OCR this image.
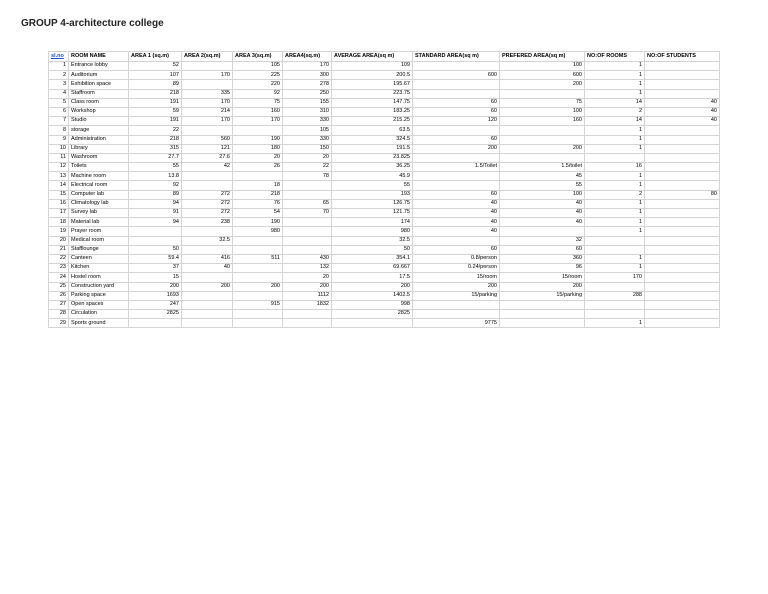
GROUP 4-architecture college
sl.no	ROOM NAME	AREA 1 (sq.m)	AREA 2(sq.m)	AREA 3(sq.m)	AREA4(sq.m)	AVERAGE AREA(sq m)	STANDARD AREA(sq m)	PREFERED AREA(sq m)	NO:OF ROOMS	NO:OF STUDENTS
1	Entrance lobby	52		105	170	109		100	1	
2	Auditorium	107	170	225	300	200.5	600	600	1	
3	Exhibition space	89		220	278	195.67		200	1	
4	Staffroom	218	335	92	250	223.75			1	
5	Class room	191	170	75	155	147.75	60	75	14	40
6	Workshop	59	214	160	310	183.25	60	100	2	40
7	Studio	191	170	170	330	215.25	120	160	14	40
8	storage	22			105	63.5			1	
9	Administration	218	560	190	330	324.5	60		1	
10	Library	315	121	180	150	191.5	200	200	1	
11	Washroom	27.7	27.6	20	20	23.825				
12	Toilets	55	42	26	22	36.25	1.5/Toilet	1.5/toilet	16	
13	Machine room	13.8			78	45.9		45	1	
14	Electrical room	92		18		55		55	1	
15	Computer lab	89	272	218		193	60	100	2	80
16	Climatology lab	94	272	76	65	126.75	40	40	1	
17	Survey lab	91	272	54	70	121.75	40	40	1	
18	Material lab	94	238	190		174	40	40	1	
19	Prayer room			980		980	40		1	
20	Medical room		32.5			32.5		32		
21	Stafflounge	50				50	60	60		
22	Canteen	59.4	416	511	430	354.1	0.8/person	360	1	
23	Kitchen	37	40		132	69.667	0.24/person	96	1	
24	Hostel room	15			20	17.5	15/room	15/room	170	
25	Construction yard	200	200	200	200	200	200	200		
26	Parking space	1693			1112	1402.5	15/parking	15/parking	288	
27	Open spaces	247		915	1832	998				
28	Circulation	2825				2825				
29	Sports ground						9775		1	
